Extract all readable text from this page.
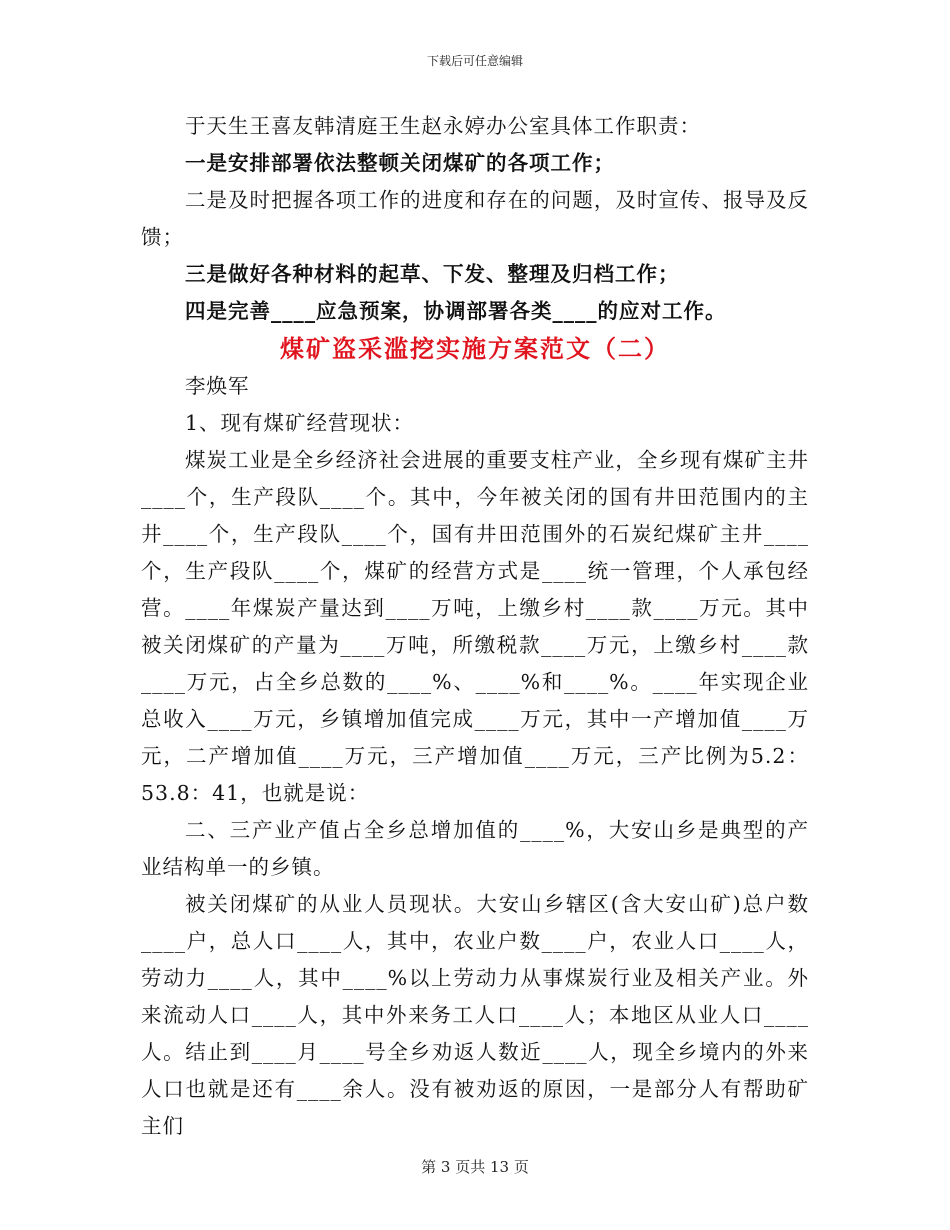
下载后可任意编辑

于天生王喜友韩清庭王生赵永婷办公室具体工作职责：

一是安排部署依法整顿关闭煤矿的各项工作；

二是及时把握各项工作的进度和存在的问题，及时宣传、报导及反馈；

三是做好各种材料的起草、下发、整理及归档工作；

四是完善____应急预案，协调部署各类____的应对工作。

煤矿盗采滥挖实施方案范文（二）

李焕军

1、现有煤矿经营现状：

煤炭工业是全乡经济社会进展的重要支柱产业，全乡现有煤矿主井____个，生产段队____个。其中，今年被关闭的国有井田范围内的主井____个，生产段队____个，国有井田范围外的石炭纪煤矿主井____个，生产段队____个，煤矿的经营方式是____统一管理，个人承包经营。____年煤炭产量达到____万吨，上缴乡村____款____万元。其中被关闭煤矿的产量为____万吨，所缴税款____万元，上缴乡村____款____万元，占全乡总数的____%、____%和____%。____年实现企业总收入____万元，乡镇增加值完成____万元，其中一产增加值____万元，二产增加值____万元，三产增加值____万元，三产比例为5.2：53.8：41，也就是说：

二、三产业产值占全乡总增加值的____%，大安山乡是典型的产业结构单一的乡镇。

被关闭煤矿的从业人员现状。大安山乡辖区(含大安山矿)总户数____户，总人口____人，其中，农业户数____户，农业人口____人，劳动力____人，其中____%以上劳动力从事煤炭行业及相关产业。外来流动人口____人，其中外来务工人口____人；本地区从业人口____人。结止到____月____号全乡劝返人数近____人，现全乡境内的外来人口也就是还有____余人。没有被劝返的原因，一是部分人有帮助矿主们

第 3 页共 13 页
